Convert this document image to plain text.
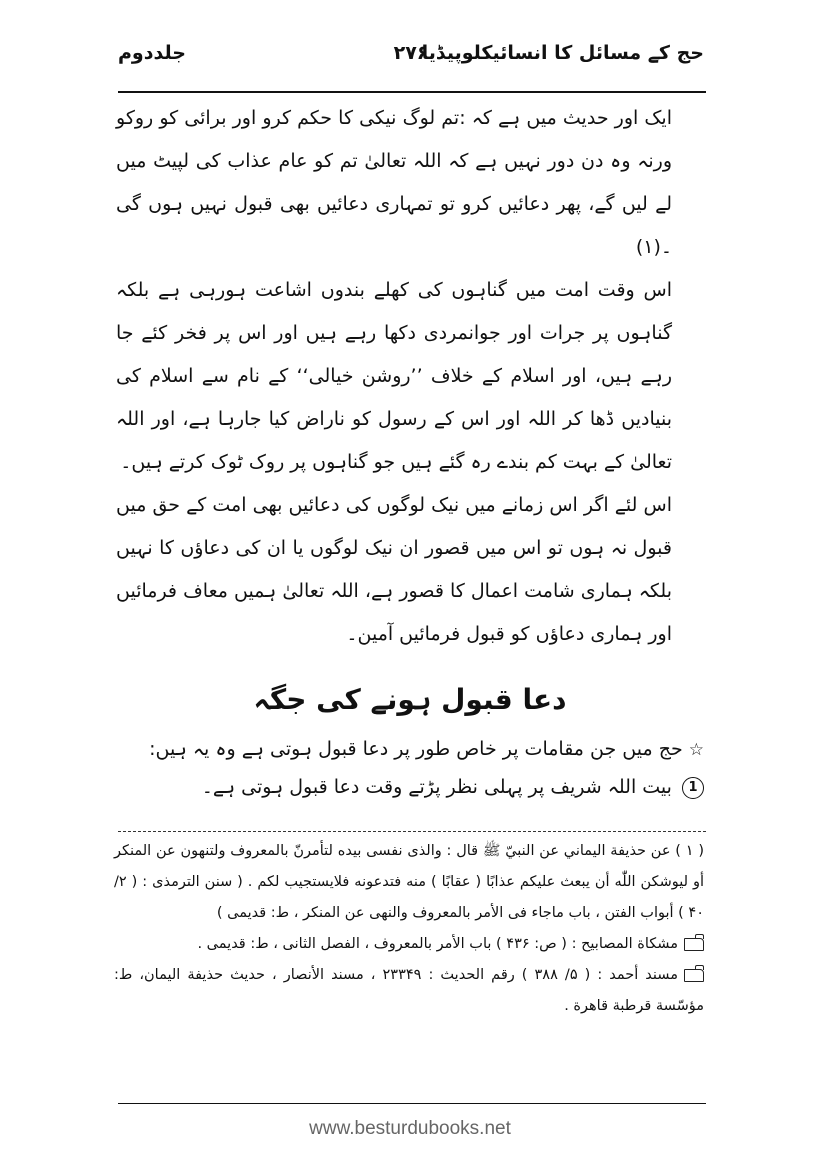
حج کے مسائل کا انسائیکلوپیڈیا
۲۷۶
جلددوم

ایک اور حدیث میں ہے کہ :تم لوگ نیکی کا حکم کرو اور برائی کو روکو ورنہ وہ دن دور نہیں ہے کہ اللہ تعالیٰ تم کو عام عذاب کی لپیٹ میں لے لیں گے، پھر دعائیں کرو تو تمہاری دعائیں بھی قبول نہیں ہوں گی ۔(۱)

اس وقت امت میں گناہوں کی کھلے بندوں اشاعت ہورہی ہے بلکہ گناہوں پر جرات اور جوانمردی دکھا رہے ہیں اور اس پر فخر کئے جا رہے ہیں، اور اسلام کے خلاف ’’روشن خیالی‘‘ کے نام سے اسلام کی بنیادیں ڈھا کر اللہ اور اس کے رسول کو ناراض کیا جارہا ہے، اور اللہ تعالیٰ کے بہت کم بندے رہ گئے ہیں جو گناہوں پر روک ٹوک کرتے ہیں۔

اس لئے اگر اس زمانے میں نیک لوگوں کی دعائیں بھی امت کے حق میں قبول نہ ہوں تو اس میں قصور ان نیک لوگوں یا ان کی دعاؤں کا نہیں بلکہ ہماری شامت اعمال کا قصور ہے، اللہ تعالیٰ ہمیں معاف فرمائیں اور ہماری دعاؤں کو قبول فرمائیں آمین۔

دعا قبول ہونے کی جگہ
☆ حج میں جن مقامات پر خاص طور پر دعا قبول ہوتی ہے وہ یہ ہیں:
1 بیت اللہ شریف پر پہلی نظر پڑتے وقت دعا قبول ہوتی ہے۔

( ۱ ) عن حذيفة اليماني عن النبيّ ﷺ قال : والذى نفسى بيده لتأمرنّ بالمعروف ولتنهون عن المنكر أو ليوشكن اللّٰه أن يبعث عليكم عذابًا ( عقابًا ) منه فتدعونه فلايستجيب لكم . ( سنن الترمذى : ( ۲/ ۴۰ ) أبواب الفتن ، باب ماجاء فى الأمر بالمعروف والنهى عن المنكر ، ط: قديمى )

مشكاة المصابيح : ( ص: ۴۳۶ ) باب الأمر بالمعروف ، الفصل الثانى ، ط: قديمى .

مسند أحمد : ( ۵/ ۳۸۸ ) رقم الحديث : ۲۳۳۴۹ ، مسند الأنصار ، حديث حذيفة اليمان، ط: مؤسّسة قرطبة قاهرة .

www.besturdubooks.net
